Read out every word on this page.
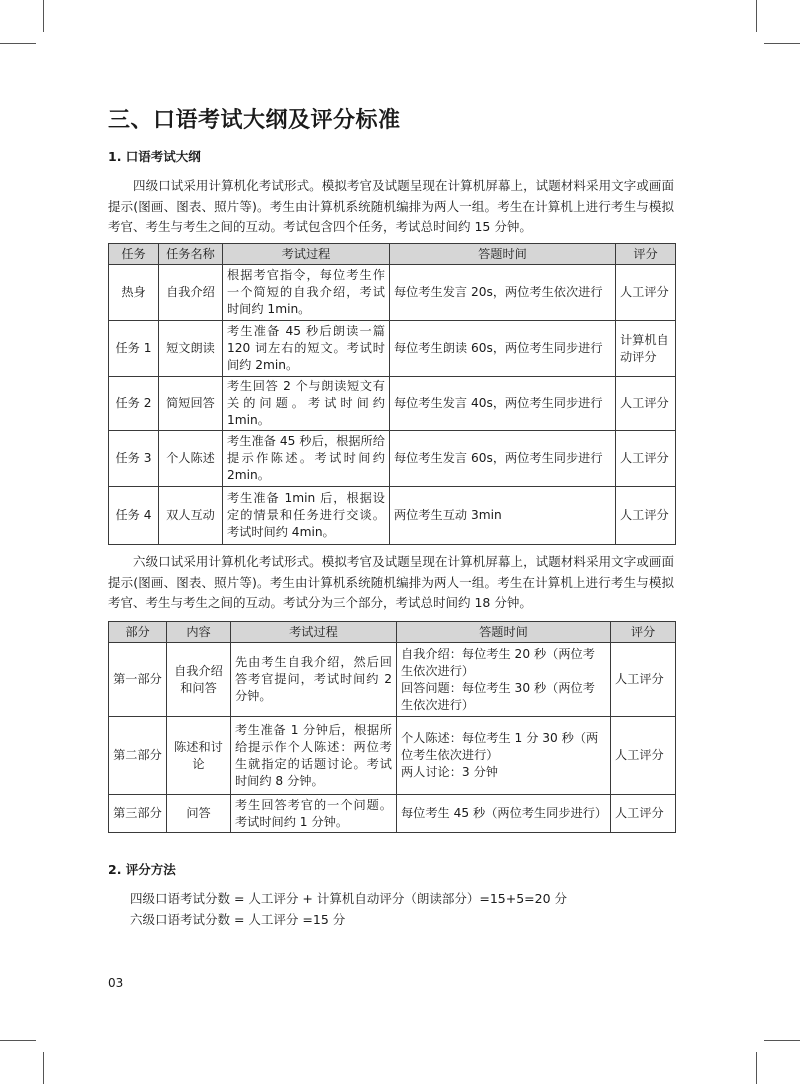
三、口语考试大纲及评分标准

1. 口语考试大纲

四级口试采用计算机化考试形式。模拟考官及试题呈现在计算机屏幕上，试题材料采用文字或画面提示(图画、图表、照片等)。考生由计算机系统随机编排为两人一组。考生在计算机上进行考生与模拟考官、考生与考生之间的互动。考试包含四个任务，考试总时间约 15 分钟。

任务	任务名称	考试过程	答题时间	评分
热身	自我介绍	根据考官指令，每位考生作一个简短的自我介绍，考试时间约 1min。	每位考生发言 20s，两位考生依次进行	人工评分
任务 1	短文朗读	考生准备 45 秒后朗读一篇 120 词左右的短文。考试时间约 2min。	每位考生朗读 60s，两位考生同步进行	计算机自动评分
任务 2	简短回答	考生回答 2 个与朗读短文有关的问题。考试时间约 1min。	每位考生发言 40s，两位考生同步进行	人工评分
任务 3	个人陈述	考生准备 45 秒后，根据所给提示作陈述。考试时间约 2min。	每位考生发言 60s，两位考生同步进行	人工评分
任务 4	双人互动	考生准备 1min 后，根据设定的情景和任务进行交谈。考试时间约 4min。	两位考生互动 3min	人工评分

六级口试采用计算机化考试形式。模拟考官及试题呈现在计算机屏幕上，试题材料采用文字或画面提示(图画、图表、照片等)。考生由计算机系统随机编排为两人一组。考生在计算机上进行考生与模拟考官、考生与考生之间的互动。考试分为三个部分，考试总时间约 18 分钟。

部分	内容	考试过程	答题时间	评分
第一部分	自我介绍和问答	先由考生自我介绍，然后回答考官提问，考试时间约 2 分钟。	自我介绍：每位考生 20 秒（两位考生依次进行）
回答问题：每位考生 30 秒（两位考生依次进行）	人工评分
第二部分	陈述和讨论	考生准备 1 分钟后，根据所给提示作个人陈述：两位考生就指定的话题讨论。考试时间约 8 分钟。	个人陈述：每位考生 1 分 30 秒（两位考生依次进行）
两人讨论：3 分钟	人工评分
第三部分	问答	考生回答考官的一个问题。考试时间约 1 分钟。	每位考生 45 秒（两位考生同步进行）	人工评分

2. 评分方法

四级口语考试分数 = 人工评分 + 计算机自动评分（朗读部分）=15+5=20 分

六级口语考试分数 = 人工评分 =15 分

03
